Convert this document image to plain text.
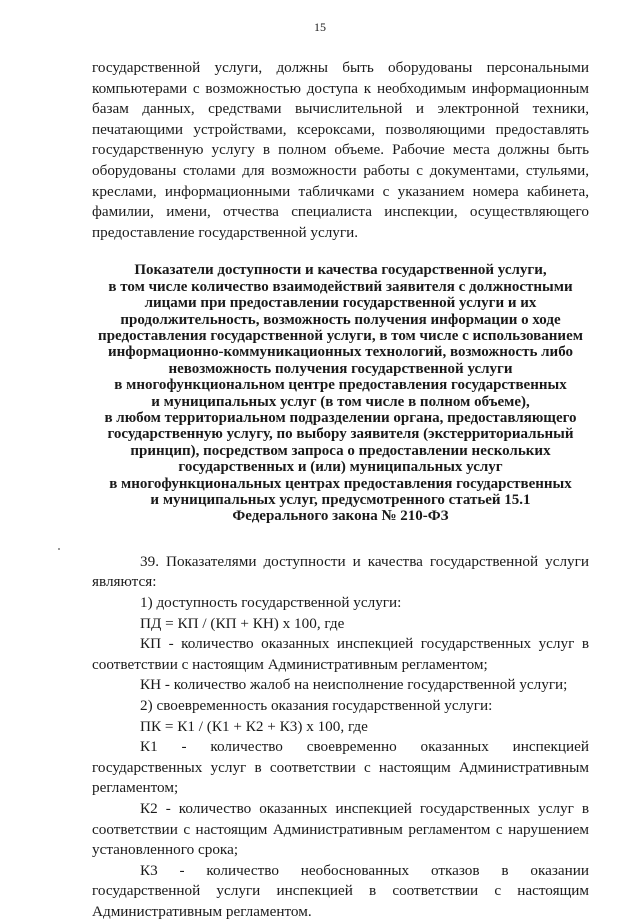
15

государственной услуги, должны быть оборудованы персональными компьютерами с возможностью доступа к необходимым информационным базам данных, средствами вычислительной и электронной техники, печатающими устройствами, ксероксами, позволяющими предоставлять государственную услугу в полном объеме. Рабочие места должны быть оборудованы столами для возможности работы с документами, стульями, креслами, информационными табличками с указанием номера кабинета, фамилии, имени, отчества специалиста инспекции, осуществляющего предоставление государственной услуги.

Показатели доступности и качества государственной услуги,
в том числе количество взаимодействий заявителя с должностными
лицами при предоставлении государственной услуги и их
продолжительность, возможность получения информации о ходе
предоставления государственной услуги, в том числе с использованием
информационно-коммуникационных технологий, возможность либо
невозможность получения государственной услуги
в многофункциональном центре предоставления государственных
и муниципальных услуг (в том числе в полном объеме),
в любом территориальном подразделении органа, предоставляющего
государственную услугу, по выбору заявителя (экстерриториальный
принцип), посредством запроса о предоставлении нескольких
государственных и (или) муниципальных услуг
в многофункциональных центрах предоставления государственных
и муниципальных услуг, предусмотренного статьей 15.1
Федерального закона № 210-ФЗ
39. Показателями доступности и качества государственной услуги являются:
1) доступность государственной услуги:
ПД = КП / (КП + КН) х 100, где
КП - количество оказанных инспекцией государственных услуг в соответствии с настоящим Административным регламентом;
КН - количество жалоб на неисполнение государственной услуги;
2) своевременность оказания государственной услуги:
ПК = К1 / (К1 + К2 + К3) х 100, где
К1 - количество своевременно оказанных инспекцией государственных услуг в соответствии с настоящим Административным регламентом;
К2 - количество оказанных инспекцией государственных услуг в соответствии с настоящим Административным регламентом с нарушением установленного срока;
К3 - количество необоснованных отказов в оказании государственной услуги инспекцией в соответствии с настоящим Административным регламентом.
